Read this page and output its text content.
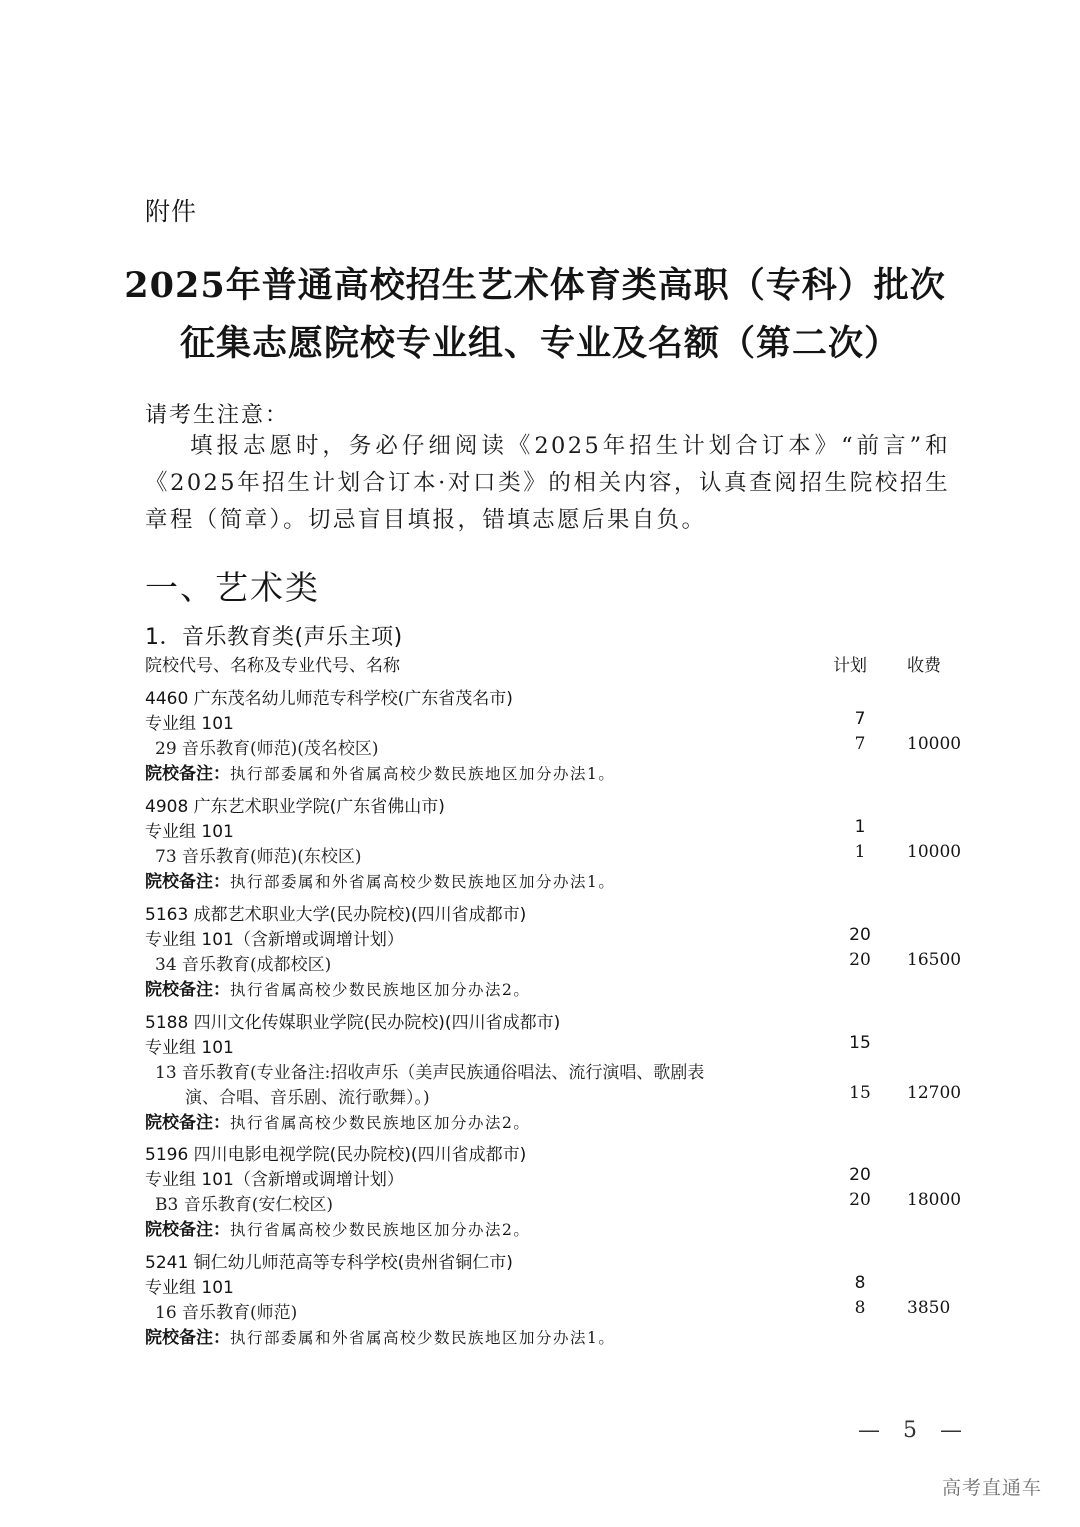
附件
2025年普通高校招生艺术体育类高职（专科）批次
征集志愿院校专业组、专业及名额（第二次）
请考生注意：
填报志愿时，务必仔细阅读《2025年招生计划合订本》“前言”和《2025年招生计划合订本·对口类》的相关内容，认真查阅招生院校招生章程（简章）。切忌盲目填报，错填志愿后果自负。
一、艺术类
1．音乐教育类(声乐主项)
院校代号、名称及专业代号、名称	计划 收费
4460 广东茂名幼儿师范专科学校(广东省茂名市)
专业组 101	7
29 音乐教育(师范)(茂名校区)	7	10000
院校备注：执行部委属和外省属高校少数民族地区加分办法1。
4908 广东艺术职业学院(广东省佛山市)
专业组 101	1
73 音乐教育(师范)(东校区)	1	10000
院校备注：执行部委属和外省属高校少数民族地区加分办法1。
5163 成都艺术职业大学(民办院校)(四川省成都市)
专业组 101（含新增或调增计划）	20
34 音乐教育(成都校区)	20 16500
院校备注：执行省属高校少数民族地区加分办法2。
5188 四川文化传媒职业学院(民办院校)(四川省成都市)
专业组 101	15
13 音乐教育(专业备注:招收声乐（美声民族通俗唱法、流行演唱、歌剧表
演、合唱、音乐剧、流行歌舞）。)	15 12700
院校备注：执行省属高校少数民族地区加分办法2。
5196 四川电影电视学院(民办院校)(四川省成都市)
专业组 101（含新增或调增计划）	20
B3 音乐教育(安仁校区)	20 18000
院校备注：执行省属高校少数民族地区加分办法2。
5241 铜仁幼儿师范高等专科学校(贵州省铜仁市)
专业组 101	8
16 音乐教育(师范)	8	3850
院校备注：执行部委属和外省属高校少数民族地区加分办法1。
— 5 —
高考直通车
